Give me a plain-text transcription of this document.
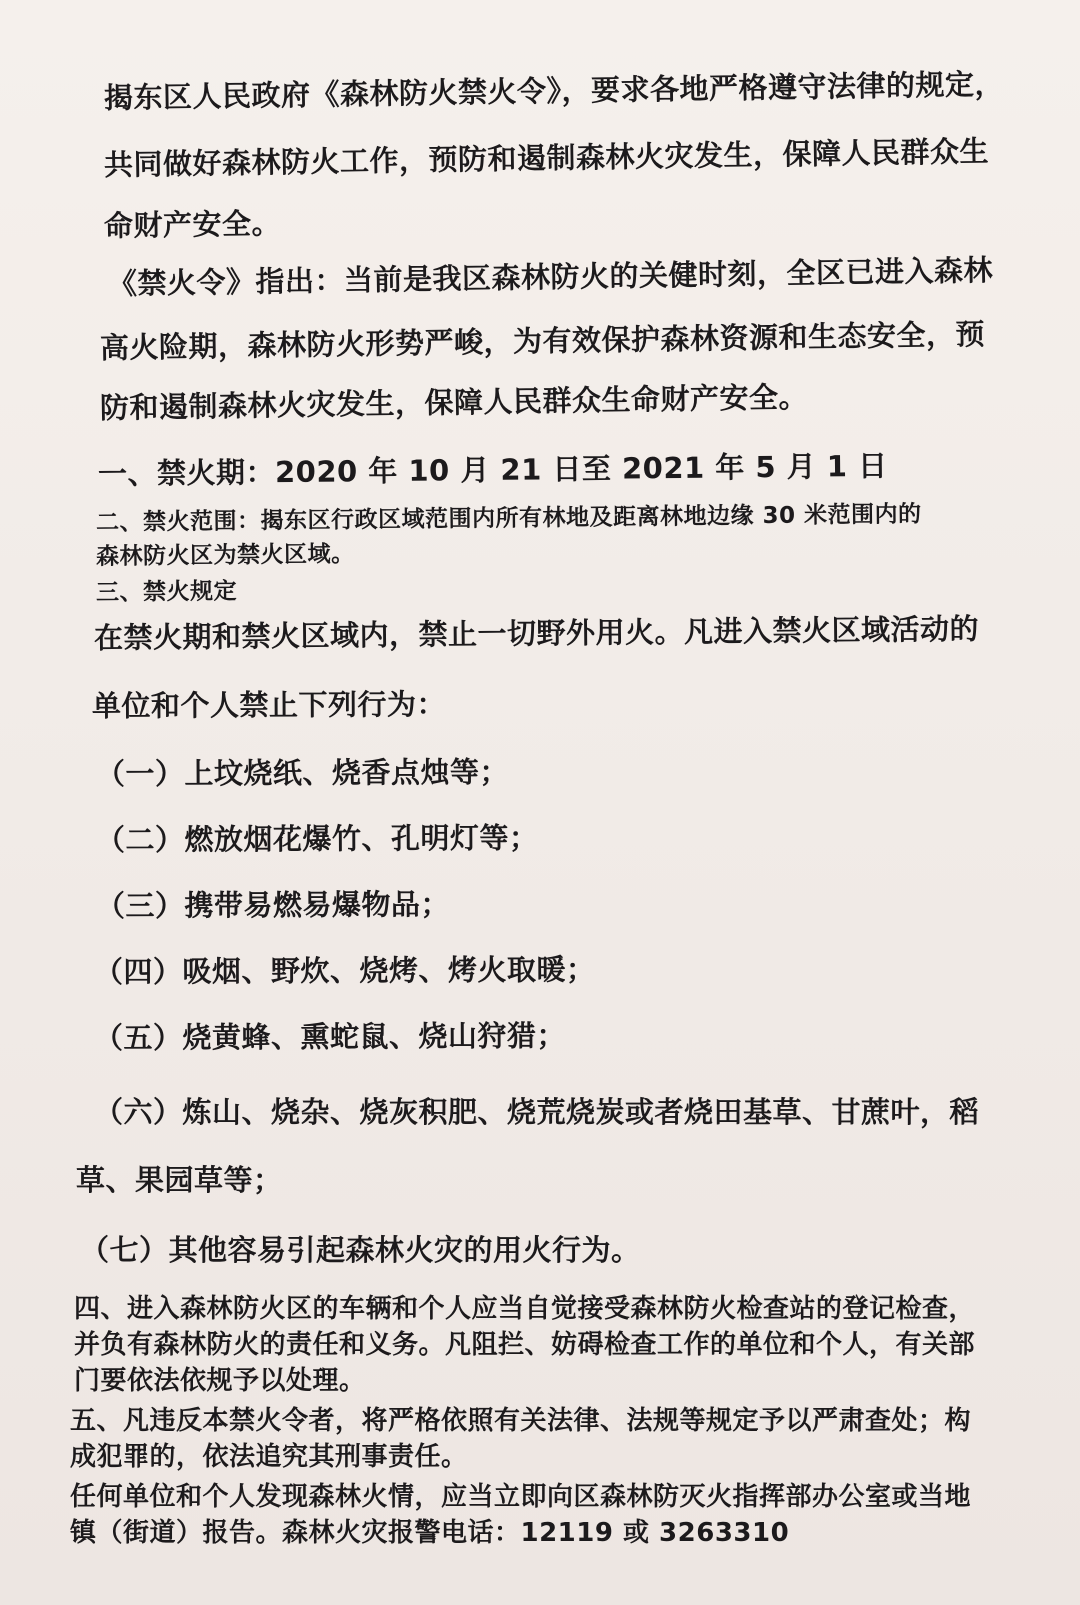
揭东区人民政府《森林防火禁火令》，要求各地严格遵守法律的规定，
共同做好森林防火工作，预防和遏制森林火灾发生，保障人民群众生
命财产安全。
《禁火令》指出：当前是我区森林防火的关健时刻，全区已进入森林
高火险期，森林防火形势严峻，为有效保护森林资源和生态安全，预
防和遏制森林火灾发生，保障人民群众生命财产安全。
一、禁火期：2020 年 10 月 21 日至 2021 年 5 月 1 日
二、禁火范围：揭东区行政区域范围内所有林地及距离林地边缘 30 米范围内的
森林防火区为禁火区域。
三、禁火规定
在禁火期和禁火区域内，禁止一切野外用火。凡进入禁火区域活动的
单位和个人禁止下列行为：
（一）上坟烧纸、烧香点烛等；
（二）燃放烟花爆竹、孔明灯等；
（三）携带易燃易爆物品；
（四）吸烟、野炊、烧烤、烤火取暖；
（五）烧黄蜂、熏蛇鼠、烧山狩猎；
（六）炼山、烧杂、烧灰积肥、烧荒烧炭或者烧田基草、甘蔗叶，稻
草、果园草等；
（七）其他容易引起森林火灾的用火行为。
四、进入森林防火区的车辆和个人应当自觉接受森林防火检查站的登记检查，
并负有森林防火的责任和义务。凡阻拦、妨碍检查工作的单位和个人，有关部
门要依法依规予以处理。
五、凡违反本禁火令者，将严格依照有关法律、法规等规定予以严肃查处；构
成犯罪的，依法追究其刑事责任。
任何单位和个人发现森林火情，应当立即向区森林防灭火指挥部办公室或当地
镇（街道）报告。森林火灾报警电话：12119 或 3263310
